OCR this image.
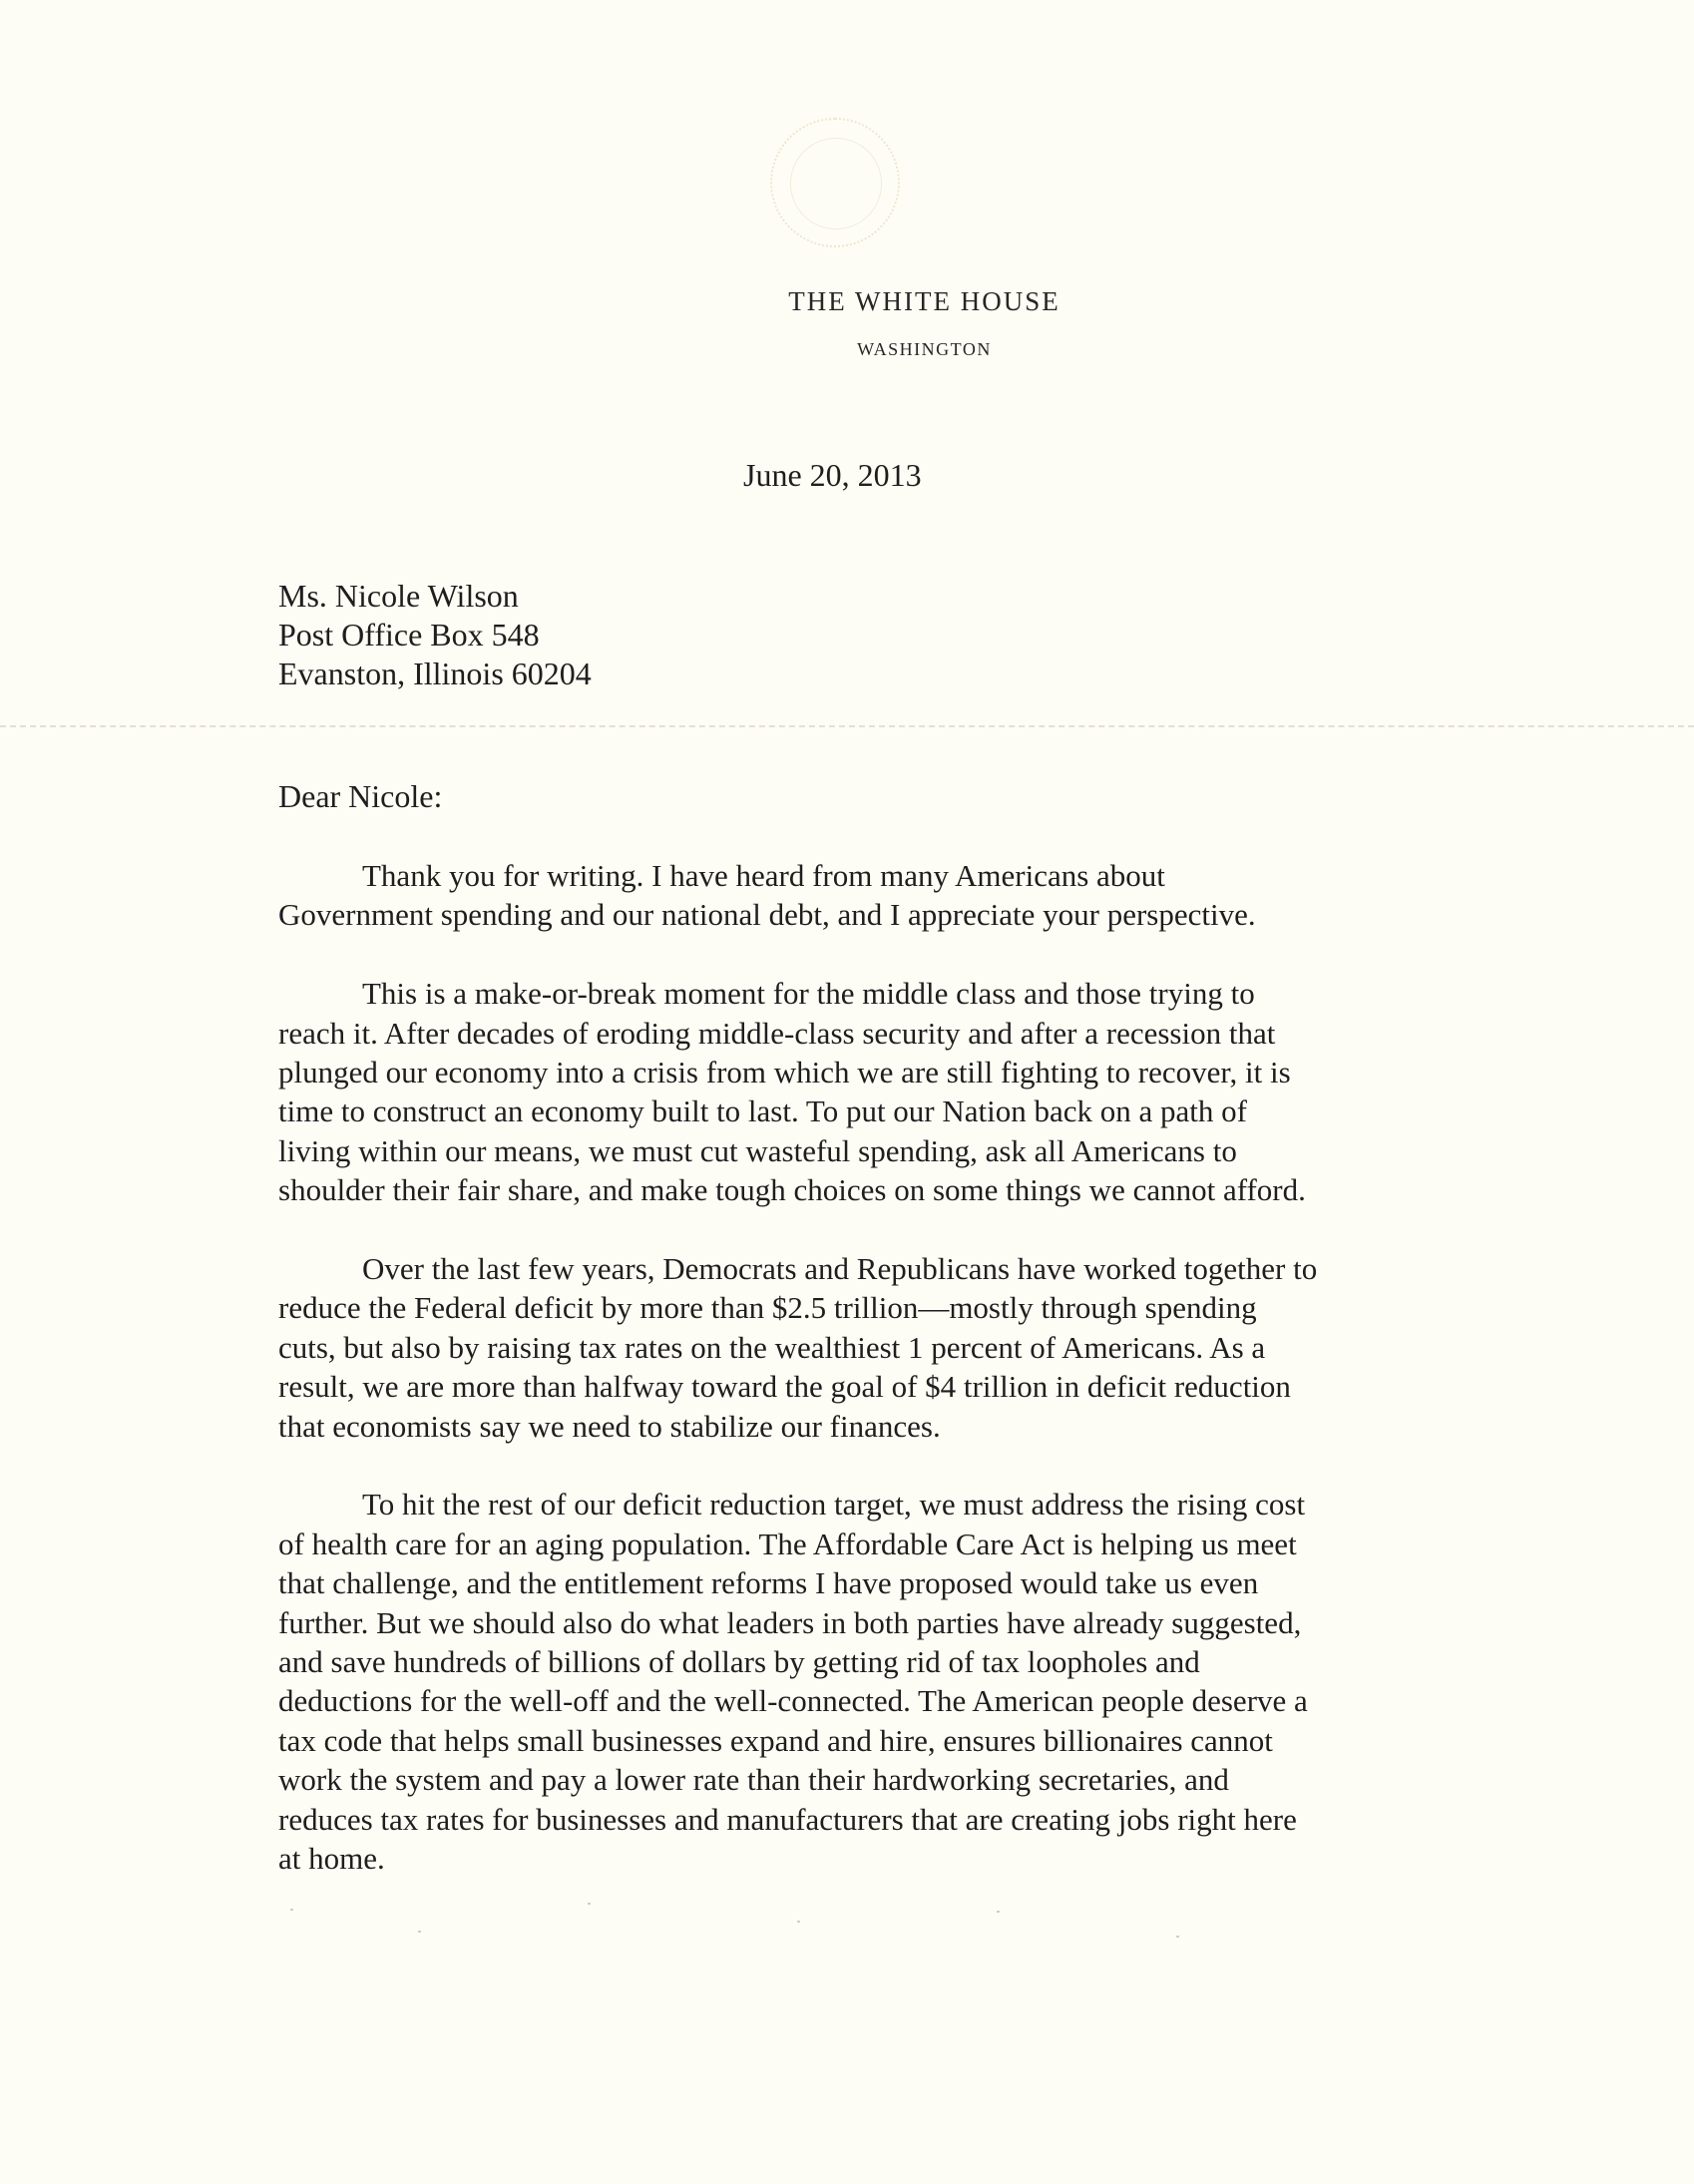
THE WHITE HOUSE
WASHINGTON
June 20, 2013
Ms. Nicole Wilson
Post Office Box 548
Evanston, Illinois 60204
Dear Nicole:
Thank you for writing. I have heard from many Americans about
Government spending and our national debt, and I appreciate your perspective.
This is a make-or-break moment for the middle class and those trying to
reach it. After decades of eroding middle-class security and after a recession that
plunged our economy into a crisis from which we are still fighting to recover, it is
time to construct an economy built to last. To put our Nation back on a path of
living within our means, we must cut wasteful spending, ask all Americans to
shoulder their fair share, and make tough choices on some things we cannot afford.
Over the last few years, Democrats and Republicans have worked together to
reduce the Federal deficit by more than $2.5 trillion—mostly through spending
cuts, but also by raising tax rates on the wealthiest 1 percent of Americans. As a
result, we are more than halfway toward the goal of $4 trillion in deficit reduction
that economists say we need to stabilize our finances.
To hit the rest of our deficit reduction target, we must address the rising cost
of health care for an aging population. The Affordable Care Act is helping us meet
that challenge, and the entitlement reforms I have proposed would take us even
further. But we should also do what leaders in both parties have already suggested,
and save hundreds of billions of dollars by getting rid of tax loopholes and
deductions for the well-off and the well-connected. The American people deserve a
tax code that helps small businesses expand and hire, ensures billionaires cannot
work the system and pay a lower rate than their hardworking secretaries, and
reduces tax rates for businesses and manufacturers that are creating jobs right here
at home.
